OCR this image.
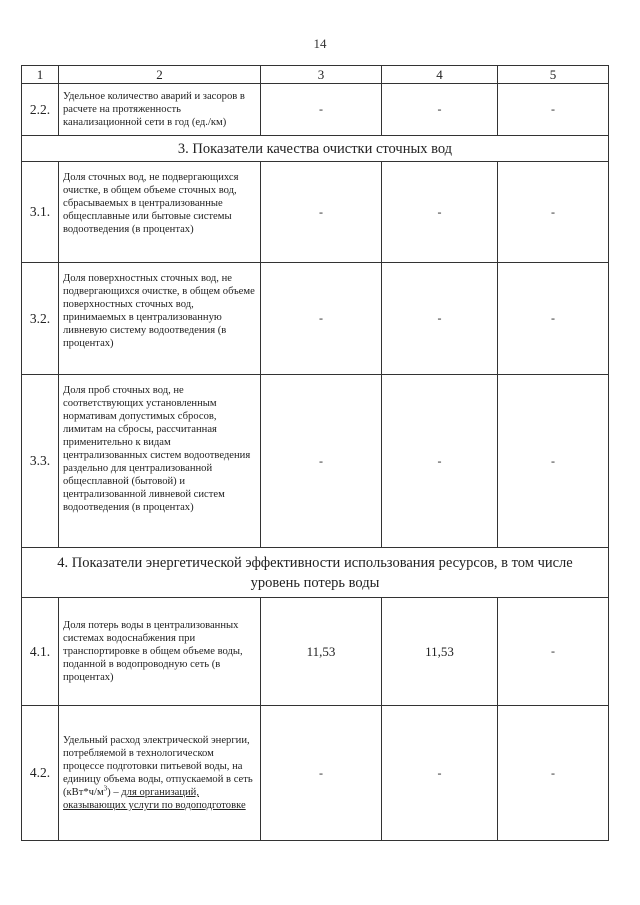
14
1	2	3	4	5
2.2.	Удельное количество аварий и засоров в расчете на протяженность канализационной сети в год (ед./км)	-	-	-
3. Показатели качества очистки сточных вод				
3.1.	Доля сточных вод, не подвергающихся очистке, в общем объеме сточных вод, сбрасываемых в централизованные общесплавные или бытовые системы водоотведения (в процентах)	-	-	-
3.2.	Доля поверхностных сточных вод, не подвергающихся очистке, в общем объеме поверхностных сточных вод, принимаемых в централизованную ливневую систему водоотведения (в процентах)	-	-	-
3.3.	Доля проб сточных вод, не соответствующих установленным нормативам допустимых сбросов, лимитам на сбросы, рассчитанная применительно к видам централизованных систем водоотведения раздельно для централизованной общесплавной (бытовой) и централизованной ливневой систем водоотведения (в процентах)	-	-	-

4. Показатели энергетической эффективности использования ресурсов, в том числе
уровень потерь воды				

4.1.	Доля потерь воды в централизованных системах водоснабжения при транспортировке в общем объеме воды, поданной в водопроводную сеть (в процентах)	11,53	11,53	-
4.2.	Удельный расход электрической энергии, потребляемой в технологическом процессе подготовки питьевой воды, на единицу объема воды, отпускаемой в сеть $(кВт*ч/м^3)$ – для организаций, оказывающих услуги по водоподготовке	-	-	-
